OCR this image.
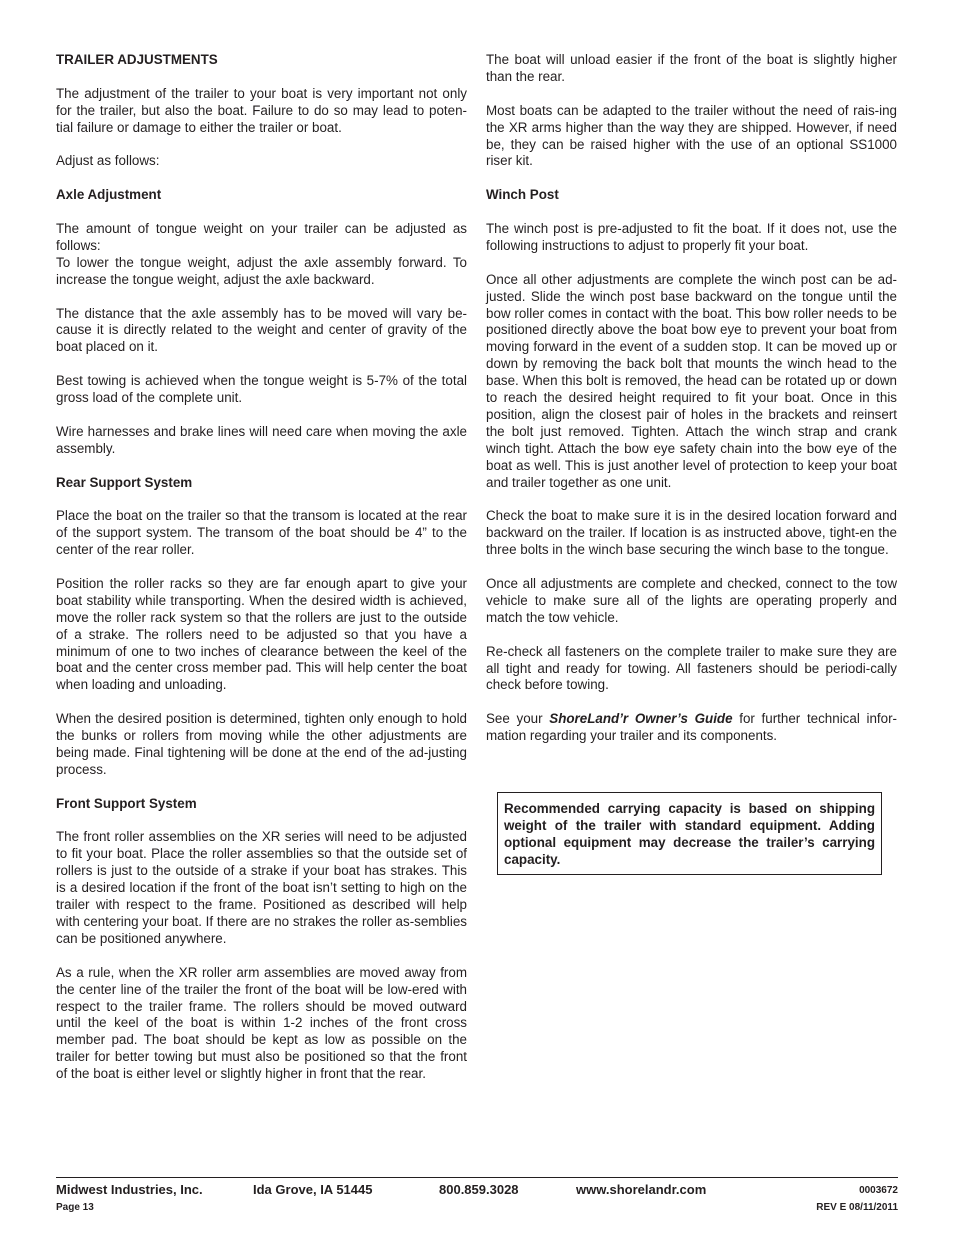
TRAILER ADJUSTMENTS

The adjustment of the trailer to your boat is very important not only for the trailer, but also the boat. Failure to do so may lead to poten-tial failure or damage to either the trailer or boat.

Adjust as follows:

Axle Adjustment

The amount of tongue weight on your trailer can be adjusted as follows:

To lower the tongue weight, adjust the axle assembly forward. To increase the tongue weight, adjust the axle backward.

The distance that the axle assembly has to be moved will vary be-cause it is directly related to the weight and center of gravity of the boat placed on it.

Best towing is achieved when the tongue weight is 5-7% of the total gross load of the complete unit.

Wire harnesses and brake lines will need care when moving the axle assembly.

Rear Support System

Place the boat on the trailer so that the transom is located at the rear of the support system. The transom of the boat should be 4” to the center of the rear roller.

Position the roller racks so they are far enough apart to give your boat stability while transporting. When the desired width is achieved, move the roller rack system so that the rollers are just to the outside of a strake. The rollers need to be adjusted so that you have a minimum of one to two inches of clearance between the keel of the boat and the center cross member pad. This will help center the boat when loading and unloading.

When the desired position is determined, tighten only enough to hold the bunks or rollers from moving while the other adjustments are being made. Final tightening will be done at the end of the ad-justing process.

Front Support System

The front roller assemblies on the XR series will need to be adjusted to fit your boat. Place the roller assemblies so that the outside set of rollers is just to the outside of a strake if your boat has strakes. This is a desired location if the front of the boat isn’t setting to high on the trailer with respect to the frame. Positioned as described will help with centering your boat. If there are no strakes the roller as-semblies can be positioned anywhere.

As a rule, when the XR roller arm assemblies are moved away from the center line of the trailer the front of the boat will be low-ered with respect to the trailer frame. The rollers should be moved outward until the keel of the boat is within 1-2 inches of the front cross member pad. The boat should be kept as low as possible on the trailer for better towing but must also be positioned so that the front of the boat is either level or slightly higher in front that the rear.

The boat will unload easier if the front of the boat is slightly higher than the rear.

Most boats can be adapted to the trailer without the need of rais-ing the XR arms higher than the way they are shipped. However, if need be, they can be raised higher with the use of an optional SS1000 riser kit.

Winch Post

The winch post is pre-adjusted to fit the boat. If it does not, use the following instructions to adjust to properly fit your boat.

Once all other adjustments are complete the winch post can be ad-justed. Slide the winch post base backward on the tongue until the bow roller comes in contact with the boat. This bow roller needs to be positioned directly above the boat bow eye to prevent your boat from moving forward in the event of a sudden stop. It can be moved up or down by removing the back bolt that mounts the winch head to the base. When this bolt is removed, the head can be rotated up or down to reach the desired height required to fit your boat. Once in this position, align the closest pair of holes in the brackets and reinsert the bolt just removed. Tighten. Attach the winch strap and crank winch tight. Attach the bow eye safety chain into the bow eye of the boat as well. This is just another level of protection to keep your boat and trailer together as one unit.

Check the boat to make sure it is in the desired location forward and backward on the trailer. If location is as instructed above, tight-en the three bolts in the winch base securing the winch base to the tongue.

Once all adjustments are complete and checked, connect to the tow vehicle to make sure all of the lights are operating properly and match the tow vehicle.

Re-check all fasteners on the complete trailer to make sure they are all tight and ready for towing. All fasteners should be periodi-cally check before towing.

See your ShoreLand’r Owner’s Guide for further technical infor-mation regarding your trailer and its components.

Recommended carrying capacity is based on shipping weight of the trailer with standard equipment. Adding optional equipment may decrease the trailer’s carrying capacity.

Midwest Industries, Inc.	Ida Grove, IA 51445	800.859.3028	www.shorelandr.com	0003672
Page 13	REV E 08/11/2011
